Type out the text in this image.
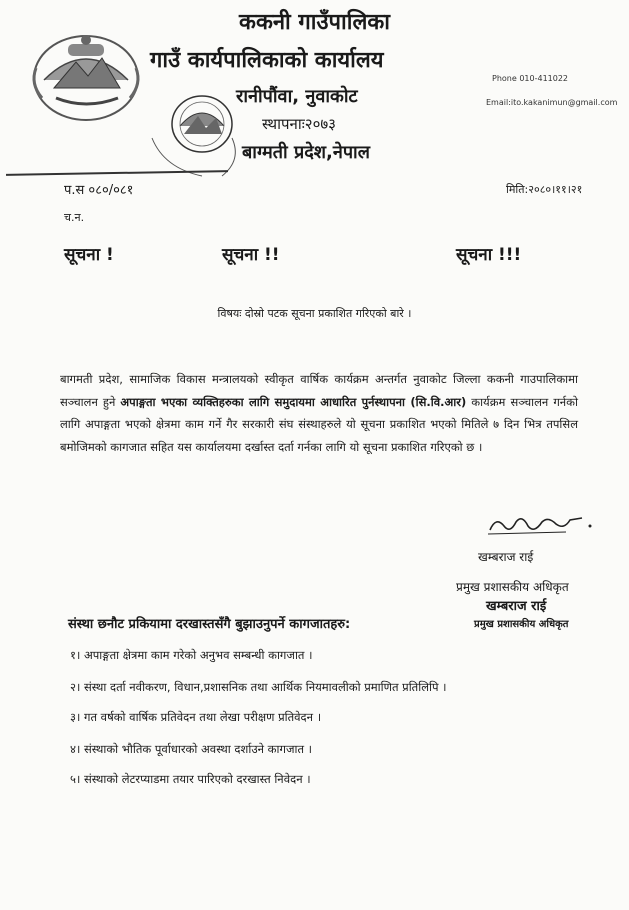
ककनी गाउँपालिका
गाउँ कार्यपालिकाको कार्यालय
रानीपौंवा, नुवाकोट
स्थापनाः२०७३
बाग्मती प्रदेश,नेपाल
Phone 010-411022
Email:ito.kakanimun@gmail.com
प.स ०८०/०८१
च.न.
मिति:२०८०।११।२१
सूचना !	सूचना !!	सूचना !!!
विषयः दोस्रो पटक सूचना प्रकाशित गरिएको बारे ।
बागमती प्रदेश, सामाजिक विकास मन्त्रालयको स्वीकृत वार्षिक कार्यक्रम अन्तर्गत नुवाकोट जिल्ला ककनी गाउपालिकामा सञ्चालन हुने अपाङ्गता भएका व्यक्तिहरुका लागि समुदायमा आधारित पुर्नस्थापना (सि.वि.आर) कार्यक्रम सञ्चालन गर्नको लागि अपाङ्गता भएको क्षेत्रमा काम गर्ने गैर सरकारी संघ संस्थाहरुले यो सूचना प्रकाशित भएको मितिले ७ दिन भित्र तपसिल बमोजिमको कागजात सहित यस कार्यालयमा दर्खास्त दर्ता गर्नका लागि यो सूचना प्रकाशित गरिएको छ ।
खम्बराज राई
प्रमुख प्रशासकीय अधिकृत
खम्बराज राई
प्रमुख प्रशासकीय अधिकृत
संस्था छनौट प्रकियामा दरखास्तसँगै बुझाउनुपर्ने कागजातहरु:
१। अपाङ्गता क्षेत्रमा काम गरेको अनुभव सम्बन्धी कागजात ।
२। संस्था दर्ता नवीकरण, विधान,प्रशासनिक तथा आर्थिक नियमावलीको प्रमाणित प्रतिलिपि ।
३। गत वर्षको वार्षिक प्रतिवेदन तथा लेखा परीक्षण प्रतिवेदन ।
४। संस्थाको भौतिक पूर्वाधारको अवस्था दर्शाउने कागजात ।
५। संस्थाको लेटरप्याडमा तयार पारिएको दरखास्त निवेदन ।
